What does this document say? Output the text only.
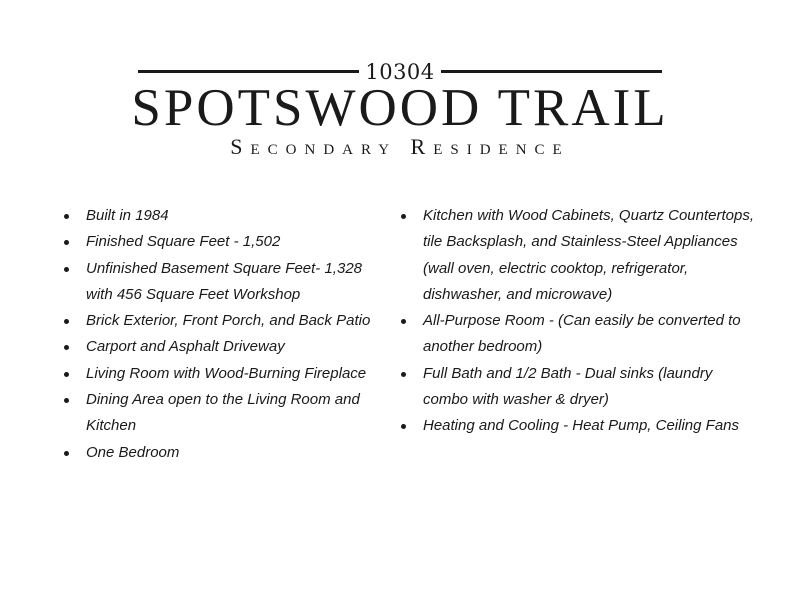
10304
SPOTSWOOD TRAIL
Secondary Residence
Built in 1984
Finished Square Feet - 1,502
Unfinished Basement Square Feet- 1,328 with 456 Square Feet Workshop
Brick Exterior, Front Porch, and Back Patio
Carport and Asphalt Driveway
Living Room with Wood-Burning Fireplace
Dining Area open to the Living Room and Kitchen
One Bedroom
Kitchen with Wood Cabinets, Quartz Countertops, tile Backsplash, and Stainless-Steel Appliances (wall oven, electric cooktop, refrigerator, dishwasher, and microwave)
All-Purpose Room - (Can easily be converted to another bedroom)
Full Bath and 1/2 Bath - Dual sinks (laundry combo with washer & dryer)
Heating and Cooling - Heat Pump, Ceiling Fans
